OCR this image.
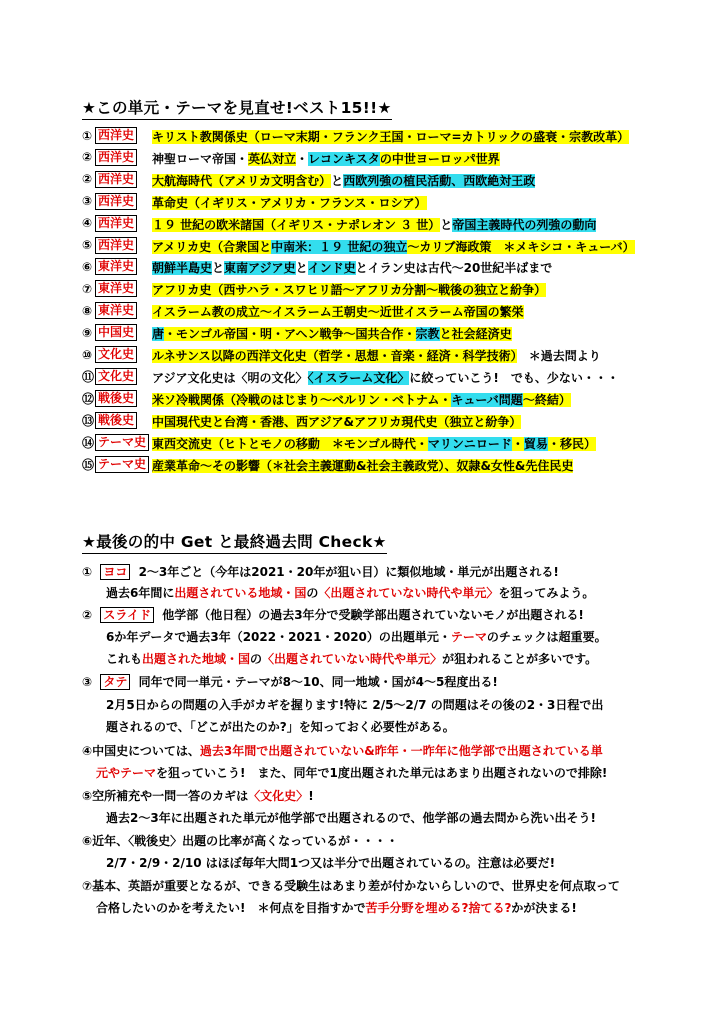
★この単元・テーマを見直せ!ベスト15!!★
① 西洋史 キリスト教関係史（ローマ末期・フランク王国・ローマ=カトリックの盛衰・宗教改革）
② 西洋史 神聖ローマ帝国・英仏対立・レコンキスタの中世ヨーロッパ世界
② 西洋史 大航海時代（アメリカ文明含む）と西欧列強の植民活動、西欧絶対王政
③ 西洋史 革命史（イギリス・アメリカ・フランス・ロシア）
④ 西洋史 １９ 世紀の欧米諸国（イギリス・ナポレオン ３ 世）と帝国主義時代の列強の動向
⑤ 西洋史 アメリカ史（合衆国と中南米：１９ 世紀の独立～カリブ海政策　＊メキシコ・キューバ）
⑥ 東洋史 朝鮮半島史と東南アジア史とインド史とイラン史は古代～20世紀半ばまで
⑦ 東洋史 アフリカ史（西サハラ・スワヒリ語～アフリカ分割～戦後の独立と紛争）
⑧ 東洋史 イスラーム教の成立～イスラーム王朝史～近世イスラーム帝国の繁栄
⑨ 中国史 唐・モンゴル帝国・明・アヘン戦争～国共合作・宗教と社会経済史
⑩ 文化史 ルネサンス以降の西洋文化史（哲学・思想・音楽・経済・科学技術）　＊過去問より
⑪ 文化史 アジア文化史は〈明の文化〉〈イスラーム文化〉に絞っていこう!　でも、少ない・・・
⑫ 戦後史 米ソ冷戦関係（冷戦のはじまり～ベルリン・ベトナム・キューバ問題～終結）
⑬ 戦後史 中国現代史と台湾・香港、西アジア&アフリカ現代史（独立と紛争）
⑭ テーマ史 東西交流史（ヒトとモノの移動　＊モンゴル時代・マリンニロード・貿易・移民）
⑮ テーマ史 産業革命～その影響（＊社会主義運動&社会主義政党）、奴隷&女性&先住民史
★最後の的中 Get と最終過去問 Check★
① ヨコ 2～3年ごと（今年は2021・20年が狙い目）に類似地域・単元が出題される!
過去6年間に出題されている地域・国の〈出題されていない時代や単元〉を狙ってみよう。
② スライド 他学部（他日程）の過去3年分で受験学部出題されていないモノが出題される!
6か年データで過去3年（2022・2021・2020）の出題単元・テーマのチェックは超重要。
これも出題された地域・国の〈出題されていない時代や単元〉が狙われることが多いです。
③ タテ 同年で同一単元・テーマが8～10、同一地域・国が4～5程度出る!
2月5日からの問題の入手がカギを握ります!特に 2/5～2/7 の問題はその後の2・3日程で出
題されるので、「どこが出たのか?」を知っておく必要性がある。
④中国史については、過去3年間で出題されていない&昨年・一昨年に他学部で出題されている単
元やテーマを狙っていこう!　また、同年で1度出題された単元はあまり出題されないので排除!
⑤空所補充や一問一答のカギは〈文化史〉!
過去2～3年に出題された単元が他学部で出題されるので、他学部の過去問から洗い出そう!
⑥近年、〈戦後史〉出題の比率が高くなっているが・・・・
2/7・2/9・2/10 はほぼ毎年大問1つ又は半分で出題されているの。注意は必要だ!
⑦基本、英語が重要となるが、できる受験生はあまり差が付かないらしいので、世界史を何点取って
合格したいのかを考えたい!　＊何点を目指すかで苦手分野を埋める?捨てる?かが決まる!
